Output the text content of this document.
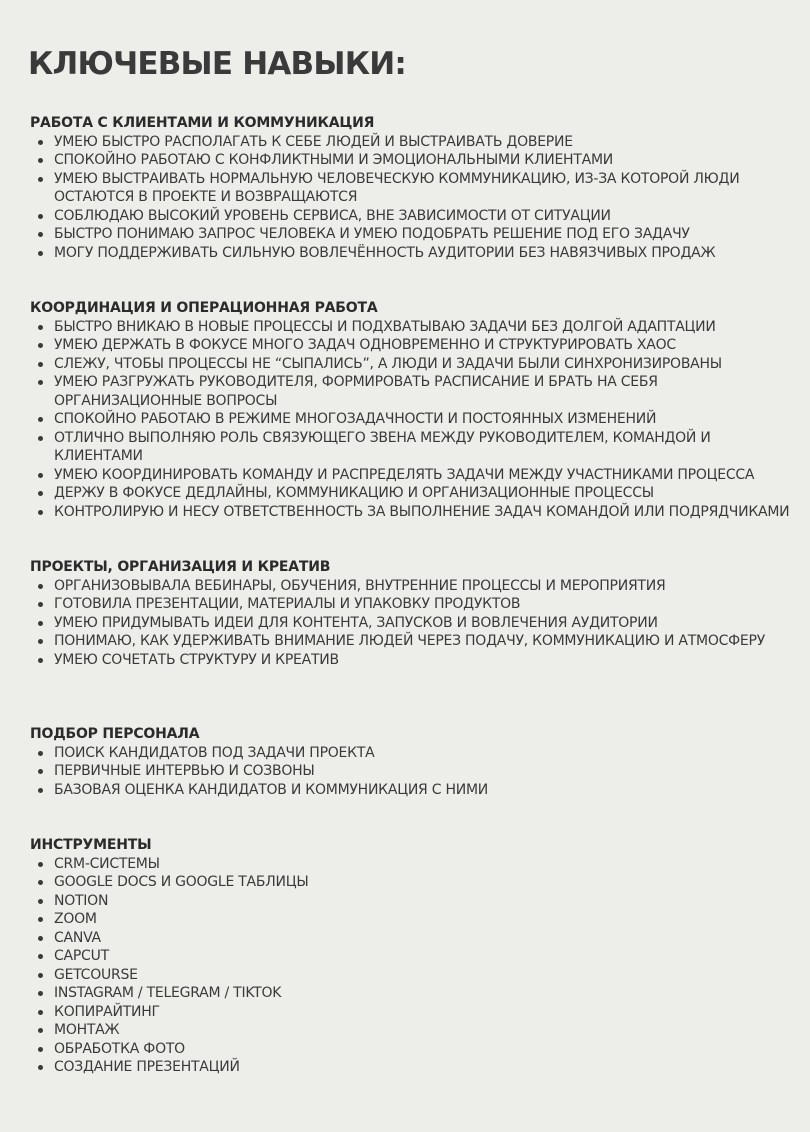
КЛЮЧЕВЫЕ НАВЫКИ:
РАБОТА С КЛИЕНТАМИ И КОММУНИКАЦИЯ
УМЕЮ БЫСТРО РАСПОЛАГАТЬ К СЕБЕ ЛЮДЕЙ И ВЫСТРАИВАТЬ ДОВЕРИЕ
СПОКОЙНО РАБОТАЮ С КОНФЛИКТНЫМИ И ЭМОЦИОНАЛЬНЫМИ КЛИЕНТАМИ
УМЕЮ ВЫСТРАИВАТЬ НОРМАЛЬНУЮ ЧЕЛОВЕЧЕСКУЮ КОММУНИКАЦИЮ, ИЗ-ЗА КОТОРОЙ ЛЮДИ ОСТАЮТСЯ В ПРОЕКТЕ И ВОЗВРАЩАЮТСЯ
СОБЛЮДАЮ ВЫСОКИЙ УРОВЕНЬ СЕРВИСА, ВНЕ ЗАВИСИМОСТИ ОТ СИТУАЦИИ
БЫСТРО ПОНИМАЮ ЗАПРОС ЧЕЛОВЕКА И УМЕЮ ПОДОБРАТЬ РЕШЕНИЕ ПОД ЕГО ЗАДАЧУ
МОГУ ПОДДЕРЖИВАТЬ СИЛЬНУЮ ВОВЛЕЧЁННОСТЬ АУДИТОРИИ БЕЗ НАВЯЗЧИВЫХ ПРОДАЖ
КООРДИНАЦИЯ И ОПЕРАЦИОННАЯ РАБОТА
БЫСТРО ВНИКАЮ В НОВЫЕ ПРОЦЕССЫ И ПОДХВАТЫВАЮ ЗАДАЧИ БЕЗ ДОЛГОЙ АДАПТАЦИИ
УМЕЮ ДЕРЖАТЬ В ФОКУСЕ МНОГО ЗАДАЧ ОДНОВРЕМЕННО И СТРУКТУРИРОВАТЬ ХАОС
СЛЕЖУ, ЧТОБЫ ПРОЦЕССЫ НЕ “СЫПАЛИСЬ”, А ЛЮДИ И ЗАДАЧИ БЫЛИ СИНХРОНИЗИРОВАНЫ
УМЕЮ РАЗГРУЖАТЬ РУКОВОДИТЕЛЯ, ФОРМИРОВАТЬ РАСПИСАНИЕ И БРАТЬ НА СЕБЯ ОРГАНИЗАЦИОННЫЕ ВОПРОСЫ
СПОКОЙНО РАБОТАЮ В РЕЖИМЕ МНОГОЗАДАЧНОСТИ И ПОСТОЯННЫХ ИЗМЕНЕНИЙ
ОТЛИЧНО ВЫПОЛНЯЮ РОЛЬ СВЯЗУЮЩЕГО ЗВЕНА МЕЖДУ РУКОВОДИТЕЛЕМ, КОМАНДОЙ И КЛИЕНТАМИ
УМЕЮ КООРДИНИРОВАТЬ КОМАНДУ И РАСПРЕДЕЛЯТЬ ЗАДАЧИ МЕЖДУ УЧАСТНИКАМИ ПРОЦЕССА
ДЕРЖУ В ФОКУСЕ ДЕДЛАЙНЫ, КОММУНИКАЦИЮ И ОРГАНИЗАЦИОННЫЕ ПРОЦЕССЫ
КОНТРОЛИРУЮ И НЕСУ ОТВЕТСТВЕННОСТЬ ЗА ВЫПОЛНЕНИЕ ЗАДАЧ КОМАНДОЙ ИЛИ ПОДРЯДЧИКАМИ
ПРОЕКТЫ, ОРГАНИЗАЦИЯ И КРЕАТИВ
ОРГАНИЗОВЫВАЛА ВЕБИНАРЫ, ОБУЧЕНИЯ, ВНУТРЕННИЕ ПРОЦЕССЫ И МЕРОПРИЯТИЯ
ГОТОВИЛА ПРЕЗЕНТАЦИИ, МАТЕРИАЛЫ И УПАКОВКУ ПРОДУКТОВ
УМЕЮ ПРИДУМЫВАТЬ ИДЕИ ДЛЯ КОНТЕНТА, ЗАПУСКОВ И ВОВЛЕЧЕНИЯ АУДИТОРИИ
ПОНИМАЮ, КАК УДЕРЖИВАТЬ ВНИМАНИЕ ЛЮДЕЙ ЧЕРЕЗ ПОДАЧУ, КОММУНИКАЦИЮ И АТМОСФЕРУ
УМЕЮ СОЧЕТАТЬ СТРУКТУРУ И КРЕАТИВ
ПОДБОР ПЕРСОНАЛА
ПОИСК КАНДИДАТОВ ПОД ЗАДАЧИ ПРОЕКТА
ПЕРВИЧНЫЕ ИНТЕРВЬЮ И СОЗВОНЫ
БАЗОВАЯ ОЦЕНКА КАНДИДАТОВ И КОММУНИКАЦИЯ С НИМИ
ИНСТРУМЕНТЫ
CRM-СИСТЕМЫ
GOOGLE DOCS И GOOGLE ТАБЛИЦЫ
NOTION
ZOOM
CANVA
CAPCUT
GETCOURSE
INSTAGRAM / TELEGRAM / TIKTOK
КОПИРАЙТИНГ
МОНТАЖ
ОБРАБОТКА ФОТО
СОЗДАНИЕ ПРЕЗЕНТАЦИЙ
